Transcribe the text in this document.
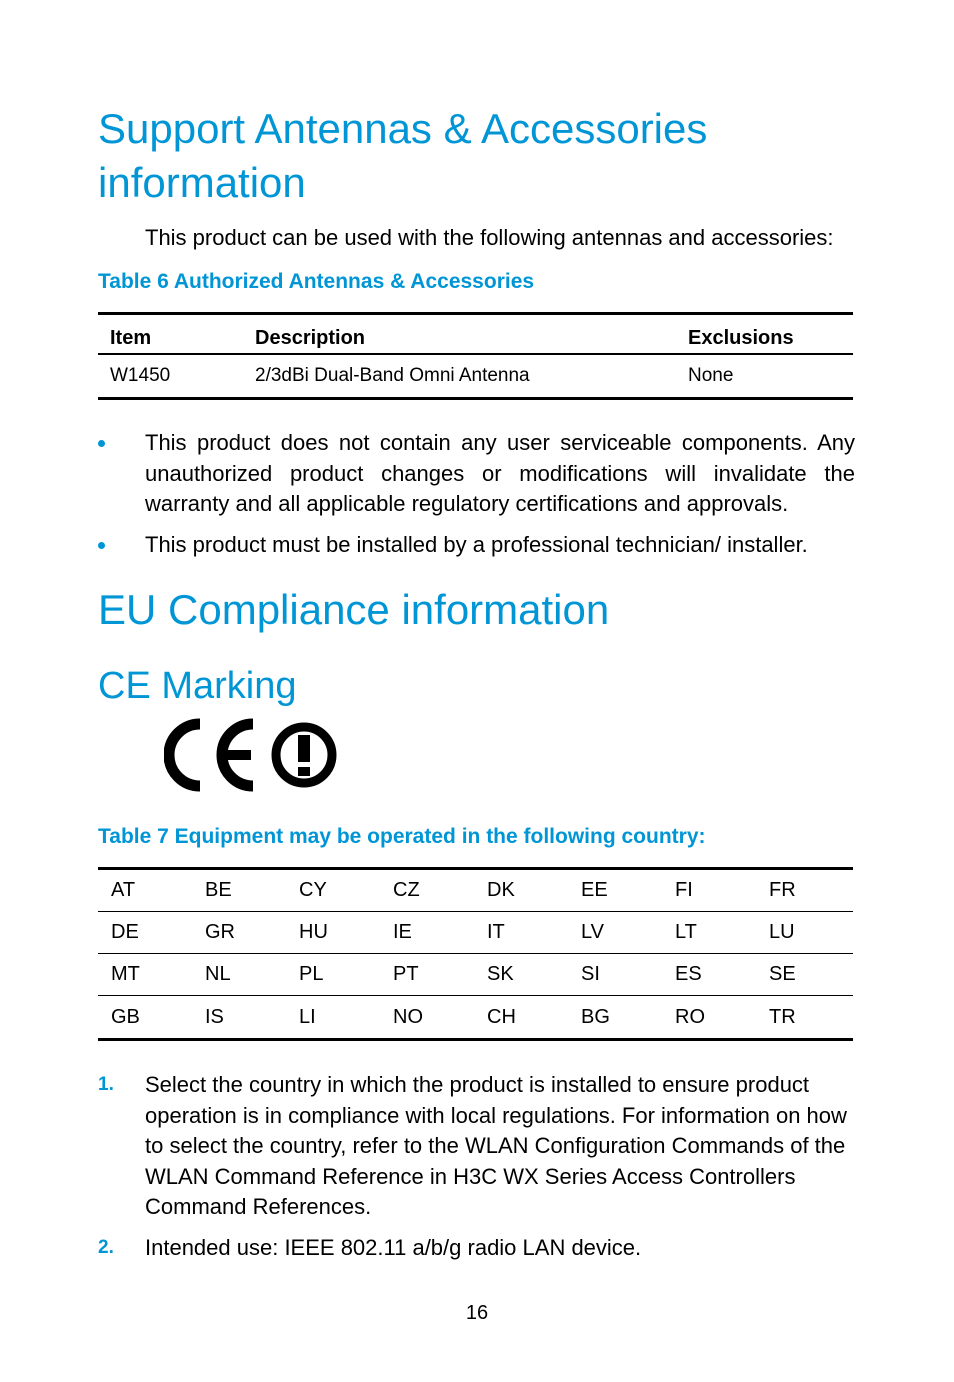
Support Antennas & Accessories information
This product can be used with the following antennas and accessories:
Table 6 Authorized Antennas & Accessories
Item	Description	Exclusions
W1450	2/3dBi Dual-Band Omni Antenna	None
This product does not contain any user serviceable components. Any unauthorized product changes or modifications will invalidate the warranty and all applicable regulatory certifications and approvals.
This product must be installed by a professional technician/ installer.
EU Compliance information
CE Marking
Table 7 Equipment may be operated in the following country:
AT	BE	CY	CZ	DK	EE	FI	FR
DE	GR	HU	IE	IT	LV	LT	LU
MT	NL	PL	PT	SK	SI	ES	SE
GB	IS	LI	NO	CH	BG	RO	TR
1. Select the country in which the product is installed to ensure product operation is in compliance with local regulations. For information on how to select the country, refer to the WLAN Configuration Commands of the WLAN Command Reference in H3C WX Series Access Controllers Command References.
2. Intended use: IEEE 802.11 a/b/g radio LAN device.
16
